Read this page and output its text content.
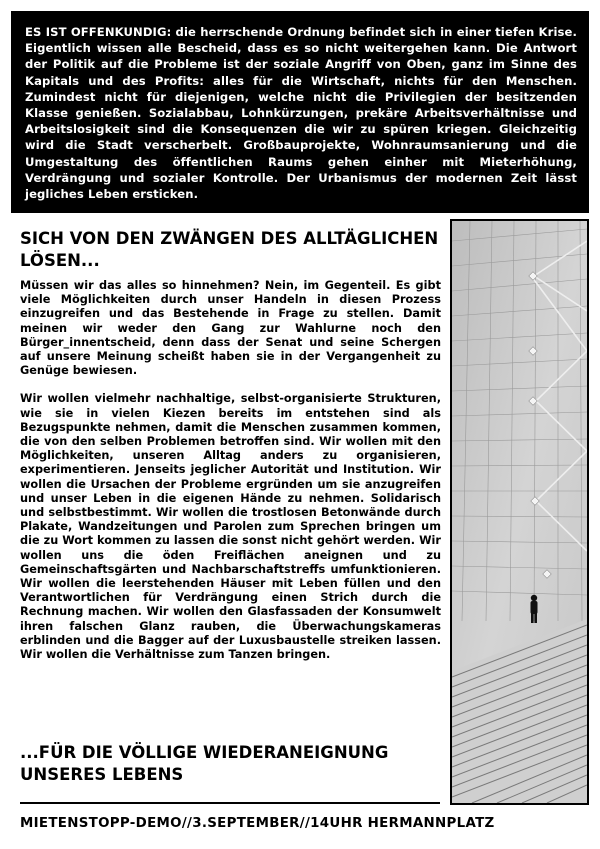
ES IST OFFENKUNDIG: die herrschende Ordnung befindet sich in einer tiefen Krise. Eigentlich wissen alle Bescheid, dass es so nicht weitergehen kann. Die Antwort der Politik auf die Probleme ist der soziale Angriff von Oben, ganz im Sinne des Kapitals und des Profits: alles für die Wirtschaft, nichts für den Menschen. Zumindest nicht für diejenigen, welche nicht die Privilegien der besitzenden Klasse genießen. Sozialabbau, Lohnkürzungen, prekäre Arbeitsverhältnisse und Arbeitslosigkeit sind die Konsequenzen die wir zu spüren kriegen. Gleichzeitig wird die Stadt verscherbelt. Großbauprojekte, Wohnraumsanierung und die Umgestaltung des öffentlichen Raums gehen einher mit Mieterhöhung, Verdrängung und sozialer Kontrolle. Der Urbanismus der modernen Zeit lässt jegliches Leben ersticken.
SICH VON DEN ZWÄNGEN DES ALLTÄGLICHEN LÖSEN...

Müssen wir das alles so hinnehmen? Nein, im Gegenteil. Es gibt viele Möglichkeiten durch unser Handeln in diesen Prozess einzugreifen und das Bestehende in Frage zu stellen. Damit meinen wir weder den Gang zur Wahlurne noch den Bürger_innentscheid, denn dass der Senat und seine Schergen auf unsere Meinung scheißt haben sie in der Vergangenheit zu Genüge bewiesen.

Wir wollen vielmehr nachhaltige, selbst-organisierte Strukturen, wie sie in vielen Kiezen bereits im entstehen sind als Bezugspunkte nehmen, damit die Menschen zusammen kommen, die von den selben Problemen betroffen sind. Wir wollen mit den Möglichkeiten, unseren Alltag anders zu organisieren, experimentieren. Jenseits jeglicher Autorität und Institution. Wir wollen die Ursachen der Probleme ergründen um sie anzugreifen und unser Leben in die eigenen Hände zu nehmen. Solidarisch und selbstbestimmt. Wir wollen die trostlosen Betonwände durch Plakate, Wandzeitungen und Parolen zum Sprechen bringen um die zu Wort kommen zu lassen die sonst nicht gehört werden. Wir wollen uns die öden Freiflächen aneignen und zu Gemeinschaftsgärten und Nachbarschaftstreffs umfunktionieren. Wir wollen die leerstehenden Häuser mit Leben füllen und den Verantwortlichen für Verdrängung einen Strich durch die Rechnung machen. Wir wollen den Glasfassaden der Konsumwelt ihren falschen Glanz rauben, die Überwachungskameras erblinden und die Bagger auf der Luxusbaustelle streiken lassen. Wir wollen die Verhältnisse zum Tanzen bringen.

...FÜR DIE VÖLLIGE WIEDERANEIGNUNG UNSERES LEBENS
MIETENSTOPP-DEMO//3.SEPTEMBER//14UHR HERMANNPLATZ
